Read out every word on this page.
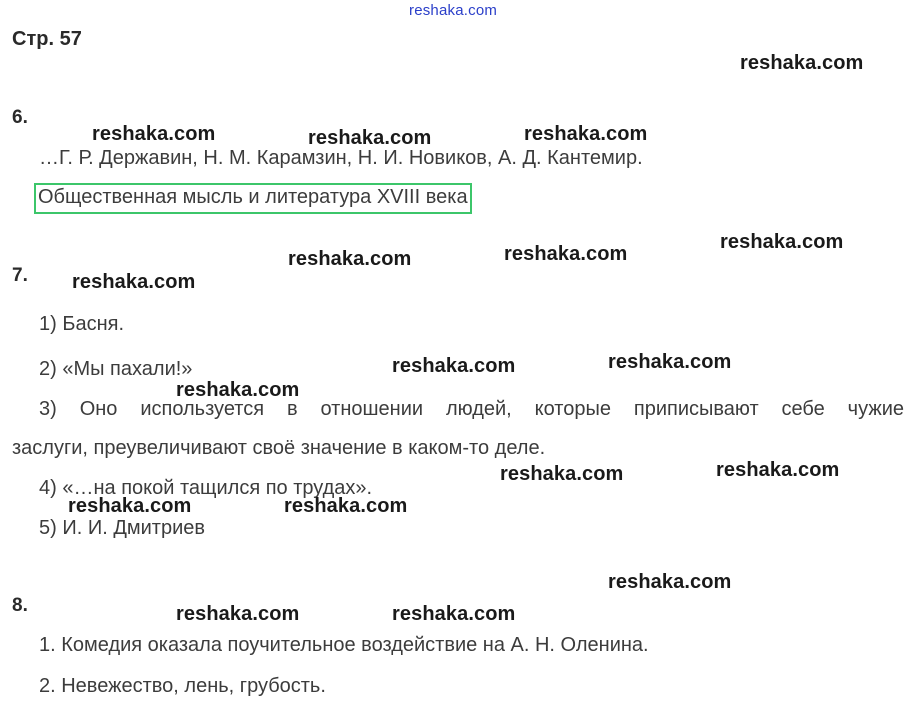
reshaka.com
Стр. 57
6.
…Г. Р. Державин, Н. М. Карамзин, Н. И. Новиков, А. Д. Кантемир.
Общественная мысль и литература XVIII века
7.
1) Басня.
2) «Мы пахали!»
3) Оно используется в отношении людей, которые приписывают себе чужие
заслуги, преувеличивают своё значение в каком-то деле.
4) «…на покой тащился по трудах».
5) И. И. Дмитриев
8.
1. Комедия оказала поучительное воздействие на А. Н. Оленина.
2. Невежество, лень, грубость.
reshaka.com
reshaka.com	reshaka.com	reshaka.com
reshaka.com
reshaka.com	reshaka.com
reshaka.com
reshaka.com	reshaka.com
reshaka.com
reshaka.com
reshaka.com
reshaka.com	reshaka.com
reshaka.com
reshaka.com	reshaka.com
